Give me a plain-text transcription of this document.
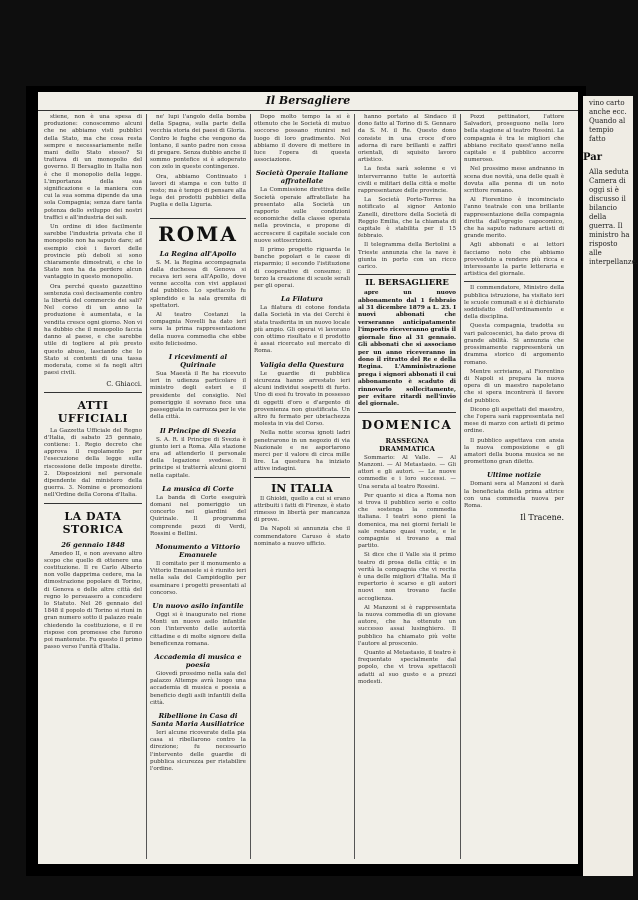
Il Bersagliere

stiene, non è una spesa di produzione: conoscemmo alcuni che ne abbiamo visti pubblici della Stato, ma che cosa resta sempre e necessariamente nelle mani dello Stato stesso? Si trattava di un monopolio del governo. Il Bersaglio in Italia non è che il monopolio della legge. L'importanza della sua significazione e la maniera con cui la sua somma dipende da una sola Compagnia; senza dare tanta potenza dello sviluppo dei nostri traffici e all'industria dei sali.

Un ordine di idee facilmente sarebbe l'industria privata che il monopolio non ha saputo dare; ad esempio cioè i favori delle provincie più deboli si sono chiaramente dimostrati, e che lo Stato non ha da perdere alcun vantaggio in questo monopolio.

Ora perché questo gazzettino sentenzia così decisamente contro la libertà del commercio dei sali? Nel corso di un anno la produzione è aumentata, e la vendita cresce ogni giorno. Non vi ha dubbio che il monopolio faccia danno al paese, e che sarebbe utile di togliere al più presto questo abuso, lasciando che lo Stato si contenti di una tassa moderata, come si fa negli altri paesi civili.

C. Ghiacci.
ATTI UFFICIALI

La Gazzetta Ufficiale del Regno d'Italia, di sabato 25 gennaio, contiene: 1. Regio decreto che approva il regolamento per l'esecuzione della legge sulla riscossione delle imposte dirette. 2. Disposizioni nel personale dipendente dal ministero della guerra. 3. Nomine e promozioni nell'Ordine della Corona d'Italia.

LA DATA STORICA
26 gennaio 1848

Amedeo II, e non avevano altro scopo che quello di ottenere una costituzione. Il re Carlo Alberto non volle dapprima cedere, ma la dimostrazione popolare di Torino, di Genova e delle altre città del regno lo persuasero a concedere lo Statuto. Nel 26 gennaio del 1848 il popolo di Torino si riunì in gran numero sotto il palazzo reale chiedendo la costituzione, e il re rispose con promesse che furono poi mantenute. Fu questo il primo passo verso l'unità d'Italia.

ne' lupi l'angolo della bomba della Spagna, sulla parte della vecchia storia dei paesi di Gloria. Contro le fughe che vengono da lontano, il santo padre non cessa di pregare. Senza dubbio anche il sommo pontefice si è adoperato con zelo in queste contingenze.

Ora, abbiamo Continuato i lavori di stampa e con tutto il resto; ma è tempo di pensare alla lega dei prodotti pubblici della Puglia e della Liguria.

ROMA
La Regina all'Apollo

S. M. la Regina accompagnata dalla duchessa di Genova si recava ieri sera all'Apollo, dove venne accolta con vivi applausi dal pubblico. Lo spettacolo fu splendido e la sala gremita di spettatori.

Al teatro Costanzi la compagnia Novelli ha dato ieri sera la prima rappresentazione della nuova commedia che ebbe esito felicissimo.

I ricevimenti al Quirinale

Sua Maestà il Re ha ricevuto ieri in udienza particolare il ministro degli esteri e il presidente del consiglio. Nel pomeriggio il sovrano fece una passeggiata in carrozza per le vie della città.

Il Principe di Svezia

S. A. R. il Principe di Svezia è giunto ieri a Roma. Alla stazione era ad attenderlo il personale della legazione svedese. Il principe si tratterrà alcuni giorni nella capitale.

La musica di Corte

La banda di Corte eseguirà domani nel pomeriggio un concerto nei giardini del Quirinale. Il programma comprende pezzi di Verdi, Rossini e Bellini.

Monumento a Vittorio Emanuele

Il comitato per il monumento a Vittorio Emanuele si è riunito ieri nella sala del Campidoglio per esaminare i progetti presentati al concorso.

Un nuovo asilo infantile

Oggi si è inaugurato nel rione Monti un nuovo asilo infantile con l'intervento delle autorità cittadine e di molte signore della beneficenza romana.

Accademia di musica e poesia

Giovedì prossimo nella sala del palazzo Altemps avrà luogo una accademia di musica e poesia a beneficio degli asili infantili della città.

Ribellione in Casa di Santa Maria Ausiliatrice

Ieri alcune ricoverate della pia casa si ribellarono contro la direzione; fu necessario l'intervento delle guardie di pubblica sicurezza per ristabilire l'ordine.

Dopo molto tempo la si è ottenuto che le Società di mutuo soccorso possano riunirsi nel luogo di loro gradimento. Noi abbiamo il dovere di mettere in luce l'opera di questa associazione.

Società Operaie Italiane affratellate

La Commissione direttiva delle Società operaie affratellate ha presentato alla Società un rapporto sulle condizioni economiche della classe operaia nella provincia, e propone di accrescere il capitale sociale con nuove sottoscrizioni.

Il primo progetto riguarda le banche popolari e le casse di risparmio; il secondo l'istituzione di cooperative di consumo; il terzo la creazione di scuole serali per gli operai.

La Filatura

La filatura di cotone fondata dalla Società in via dei Cerchi è stata trasferita in un nuovo locale più ampio. Gli operai vi lavorano con ottimo risultato e il prodotto è assai ricercato sul mercato di Roma.

Valigia della Questura

Le guardie di pubblica sicurezza hanno arrestato ieri alcuni individui sospetti di furto. Uno di essi fu trovato in possesso di oggetti d'oro e d'argento di provenienza non giustificata. Un altro fu fermato per ubriachezza molesta in via del Corso.

Nella notte scorsa ignoti ladri penetrarono in un negozio di via Nazionale e ne asportarono merci per il valore di circa mille lire. La questura ha iniziato attive indagini.

IN ITALIA

Il Ghioldi, quello a cui si erano attribuiti i fatti di Firenze, è stato rimesso in libertà per mancanza di prove.

Da Napoli si annunzia che il commendatore Caruso è stato nominato a nuovo ufficio.

hanno portato al Sindaco il dono fatto al Torino di S. Gennaro da S. M. il Re. Questo dono consiste in una croce d'oro adorna di rare brillanti e zaffiri orientali, di squisito lavoro artistico.

La festa sarà solenne e vi interverranno tutte le autorità civili e militari della città e molte rappresentanze delle provincie.

La Società Porto-Torres ha notificato al signor Antonio Zanelli, direttore della Società di Reggio Emilia, che la chiamata di capitale è stabilita per il 15 febbraio.

Il telegramma della Bertolini a Trieste annunzia che la nave è giunta in porto con un ricco carico.

IL BERSAGLIERE

apre un nuovo abbonamento dal 1 febbraio al 31 dicembre 1879 a L. 23. I nuovi abbonati che verseranno anticipatamente l'importo riceveranno gratis il giornale fino al 31 gennaio. Gli abbonati che si associano per un anno riceveranno in dono il ritratto del Re e della Regina. L'Amministrazione prega i signori abbonati il cui abbonamento è scaduto di rinnovarlo sollecitamente, per evitare ritardi nell'invio del giornale.

DOMENICA
RASSEGNA DRAMMATICA

Sommario: Al Valle. — Al Manzoni. — Al Metastasio. — Gli attori e gli autori. — Le nuove commedie e i loro successi. — Una serata al teatro Rossini.

Per quanto si dica a Roma non si trova il pubblico serio e colto che sostenga la commedia italiana. I teatri sono pieni la domenica, ma nei giorni feriali le sale restano quasi vuote, e le compagnie si trovano a mal partito.

Si dice che il Valle sia il primo teatro di prosa della città; e in verità la compagnia che vi recita è una delle migliori d'Italia. Ma il repertorio è scarso e gli autori nuovi non trovano facile accoglienza.

Al Manzoni si è rappresentata la nuova commedia di un giovane autore, che ha ottenuto un successo assai lusinghiero. Il pubblico ha chiamato più volte l'autore al proscenio.

Quanto al Metastasio, il teatro è frequentato specialmente dal popolo, che vi trova spettacoli adatti al suo gusto e a prezzi modesti.

Pozzi pettinatori, l'attore Salvadori, proseguono nella loro bella stagione al teatro Rossini. La compagnia è tra le migliori che abbiano recitato quest'anno nella capitale e il pubblico accorre numeroso.

Nel prossimo mese andranno in scena due novità, una delle quali è dovuta alla penna di un noto scrittore romano.

Al Fiorentino è incominciato l'anno teatrale con una brillante rappresentazione della compagnia diretta dall'egregio capocomico, che ha saputo radunare artisti di grande merito.

Agli abbonati e ai lettori facciamo noto che abbiamo provveduto a rendere più ricca e interessante la parte letteraria e artistica del giornale.

Il commendatore, Ministro della pubblica istruzione, ha visitato ieri le scuole comunali e si è dichiarato soddisfatto dell'ordinamento e della disciplina.

Questa compagnia, tradotta su vari palcoscenici, ha dato prova di grande abilità. Si annunzia che prossimamente rappresenterà un dramma storico di argomento romano.

Mentre scriviamo, al Fiorentino di Napoli si prepara la nuova opera di un maestro napoletano che si spera incontrerà il favore del pubblico.

Dicono gli aspettati del maestro, che l'opera sarà rappresentata nel mese di marzo con artisti di primo ordine.

Il pubblico aspettava con ansia la nuova composizione e gli amatori della buona musica se ne promettono gran diletto.

Ultime notizie

Domani sera al Manzoni si darà la beneficiata della prima attrice con una commedia nuova per Roma.

Il Tracene.
vino carto anche ecc. Quando al tempio fatto
Par
Alla seduta Camera di oggi si è discusso il bilancio della guerra. Il ministro ha risposto alle interpellanze.
